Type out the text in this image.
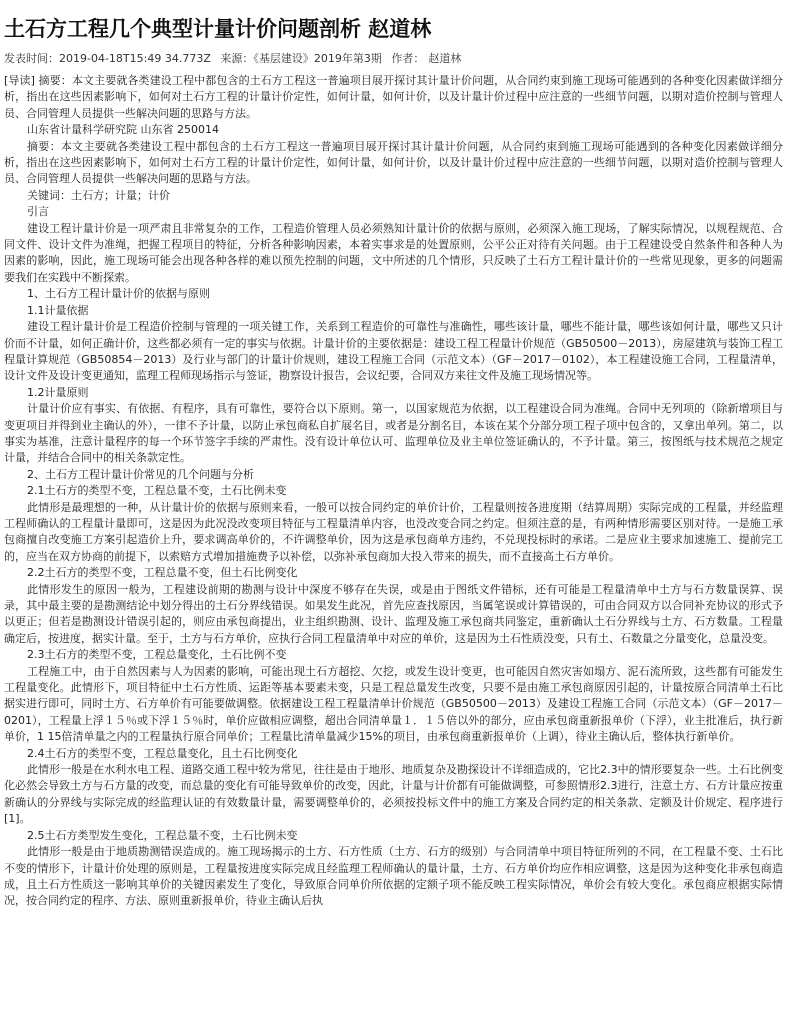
土石方工程几个典型计量计价问题剖析 赵道林
发表时间：2019-04-18T15:49 34.773Z 来源：《基层建设》2019年第3期 作者： 赵道林

[导读] 摘要：本文主要就各类建设工程中都包含的土石方工程这一普遍项目展开探讨其计量计价问题，从合同约束到施工现场可能遇到的各种变化因素做详细分析，指出在这些因素影响下，如何对土石方工程的计量计价定性，如何计量，如何计价，以及计量计价过程中应注意的一些细节问题，以期对造价控制与管理人员、合同管理人员提供一些解决问题的思路与方法。

山东省计量科学研究院 山东省 250014

摘要：本文主要就各类建设工程中都包含的土石方工程这一普遍项目展开探讨其计量计价问题，从合同约束到施工现场可能遇到的各种变化因素做详细分析，指出在这些因素影响下，如何对土石方工程的计量计价定性，如何计量，如何计价，以及计量计价过程中应注意的一些细节问题，以期对造价控制与管理人员、合同管理人员提供一些解决问题的思路与方法。

关键词：土石方；计量；计价

引言

建设工程计量计价是一项严肃且非常复杂的工作，工程造价管理人员必须熟知计量计价的依据与原则，必须深入施工现场，了解实际情况，以规程规范、合同文件、设计文件为准绳，把握工程项目的特征，分析各种影响因素，本着实事求是的处置原则，公平公正对待有关问题。由于工程建设受自然条件和各种人为因素的影响，因此，施工现场可能会出现各种各样的难以预先控制的问题，文中所述的几个情形，只反映了土石方工程计量计价的一些常见现象，更多的问题需要我们在实践中不断探索。

1、土石方工程计量计价的依据与原则

1.1计量依据

建设工程计量计价是工程造价控制与管理的一项关键工作，关系到工程造价的可靠性与准确性，哪些该计量，哪些不能计量，哪些该如何计量，哪些又只计价而不计量，如何正确计价，这些都必须有一定的事实与依据。计量计价的主要依据是：建设工程工程量计价规范（GB50500－2013），房屋建筑与装饰工程工程量计算规范（GB50854－2013）及行业与部门的计量计价规则，建设工程施工合同（示范文本）（GF－2017－0102），本工程建设施工合同，工程量清单，设计文件及设计变更通知，监理工程师现场指示与签证，勘察设计报告，会议纪要，合同双方来往文件及施工现场情况等。

1.2计量原则

计量计价应有事实、有依据、有程序，具有可靠性，要符合以下原则。第一，以国家规范为依据，以工程建设合同为准绳。合同中无列项的（除新增项目与变更项目并得到业主确认的外），一律不予计量，以防止承包商私自扩展名目，或者是分割名目，本该在某个分部分项工程子项中包含的，又拿出单列。第二，以事实为基准，注意计量程序的每一个环节签字手续的严肃性。没有设计单位认可、监理单位及业主单位签证确认的，不予计量。第三，按图纸与技术规范之规定计量，并结合合同中的相关条款定性。

2、土石方工程计量计价常见的几个问题与分析

2.1土石方的类型不变，工程总量不变，土石比例未变

此情形是最理想的一种，从计量计价的依据与原则来看，一般可以按合同约定的单价计价，工程量则按各进度期（结算周期）实际完成的工程量，并经监理工程师确认的工程量计量即可，这是因为此况没改变项目特征与工程量清单内容，也没改变合同之约定。但须注意的是，有两种情形需要区别对待。一是施工承包商擅自改变施工方案引起造价上升，要求调高单价的，不许调整单价，因为这是承包商单方违约，不兑现投标时的承诺。二是应业主要求加速施工、提前完工的，应当在双方协商的前提下，以索赔方式增加措施费予以补偿，以弥补承包商加大投入带来的损失，而不直接高土石方单价。

2.2土石方的类型不变，工程总量不变，但土石比例变化

此情形发生的原因一般为，工程建设前期的勘测与设计中深度不够存在失误，或是由于图纸文件错标，还有可能是工程量清单中土方与石方数量误算、误录，其中最主要的是勘测结论中划分得出的土石分界线错误。如果发生此况，首先应查找原因，当属笔误或计算错误的，可由合同双方以合同补充协议的形式予以更正；但若是勘测设计错误引起的，则应由承包商提出，业主组织勘测、设计、监理及施工承包商共同鉴定，重新确认土石分界线与土方、石方数量。工程量确定后，按进度，据实计量。至于，土方与石方单价，应执行合同工程量清单中对应的单价，这是因为土石性质没变，只有土、石数量之分量变化，总量没变。

2.3土石方的类型不变，工程总量变化，土石比例不变

工程施工中，由于自然因素与人为因素的影响，可能出现土石方超挖、欠挖，或发生设计变更，也可能因自然灾害如塌方、泥石流所致，这些都有可能发生工程量变化。此情形下，项目特征中土石方性质、运距等基本要素未变，只是工程总量发生改变，只要不是由施工承包商原因引起的，计量按原合同清单土石比据实进行即可，同时土方、石方单价有可能要做调整。依据建设工程工程量清单计价规范（GB50500－2013）及建设工程施工合同（示范文本）（GF－2017－0201），工程量上浮１５％或下浮１５％时，单价应做相应调整，超出合同清单量１．１５倍以外的部分，应由承包商重新报单价（下浮），业主批准后，执行新单价，1 15倍清单量之内的工程量执行原合同单价；工程量比清单量减少15%的项目，由承包商重新报单价（上调），待业主确认后，整体执行新单价。

2.4土石方的类型不变，工程总量变化，且土石比例变化

此情形一般是在水利水电工程、道路交通工程中较为常见，往往是由于地形、地质复杂及勘探设计不详细造成的，它比2.3中的情形要复杂一些。土石比例变化必然会导致土方与石方量的改变，而总量的变化有可能导致单价的改变，因此，计量与计价都有可能做调整，可参照情形2.3进行，注意土方、石方计量应按重新确认的分界线与实际完成的经监理认证的有效数量计量，需要调整单价的，必须按投标文件中的施工方案及合同约定的相关条款、定额及计价规定、程序进行[1]。

2.5土石方类型发生变化，工程总量不变，土石比例未变

此情形一般是由于地质勘测错误造成的。施工现场揭示的土方、石方性质（土方、石方的级别）与合同清单中项目特征所列的不同，在工程量不变、土石比不变的情形下，计量计价处理的原则是，工程量按进度实际完成且经监理工程师确认的量计量，土方、石方单价均应作相应调整，这是因为这种变化非承包商造成，且土石方性质这一影响其单价的关键因素发生了变化，导致原合同单价所依据的定额子项不能反映工程实际情况，单价会有较大变化。承包商应根据实际情况，按合同约定的程序、方法、原则重新报单价，待业主确认后执
